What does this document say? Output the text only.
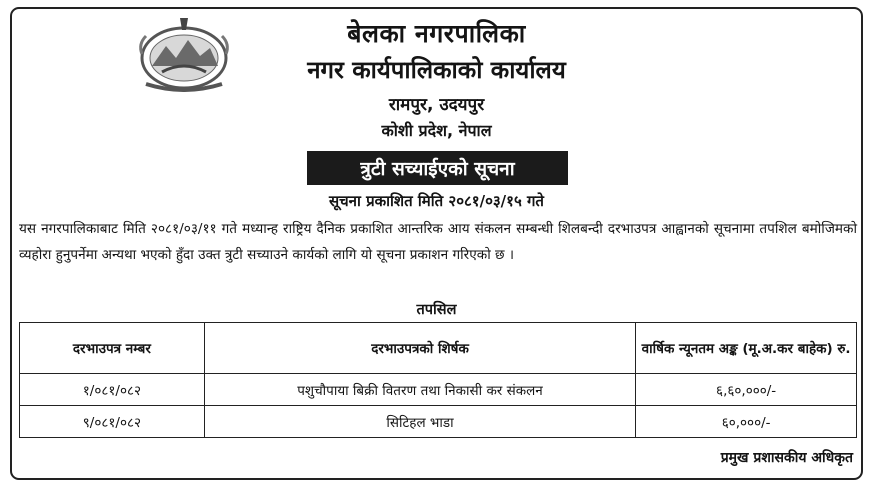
बेलका नगरपालिका
नगर कार्यपालिकाको कार्यालय
रामपुर, उदयपुर
कोशी प्रदेश, नेपाल
त्रुटी सच्याईएको सूचना
सूचना प्रकाशित मिति २०८१/०३/१५ गते
यस नगरपालिकाबाट मिति २०८१/०३/११ गते मध्यान्ह राष्ट्रिय दैनिक प्रकाशित आन्तरिक आय संकलन सम्बन्धी शिलबन्दी दरभाउपत्र आह्वानको सूचनामा तपशिल बमोजिमको व्यहोरा हुनुपर्नेमा अन्यथा भएको हुँदा उक्त त्रुटी सच्याउने कार्यको लागि यो सूचना प्रकाशन गरिएको छ ।
तपसिल
दरभाउपत्र नम्बर	दरभाउपत्रको शिर्षक	वार्षिक न्यूनतम अङ्क (मू.अ.कर बाहेक) रु.
१/०८१/०८२	पशुचौपाया बिक्री वितरण तथा निकासी कर संकलन	६,६०,०००/-
९/०८१/०८२	सिटिहल भाडा	६०,०००/-
प्रमुख प्रशासकीय अधिकृत
